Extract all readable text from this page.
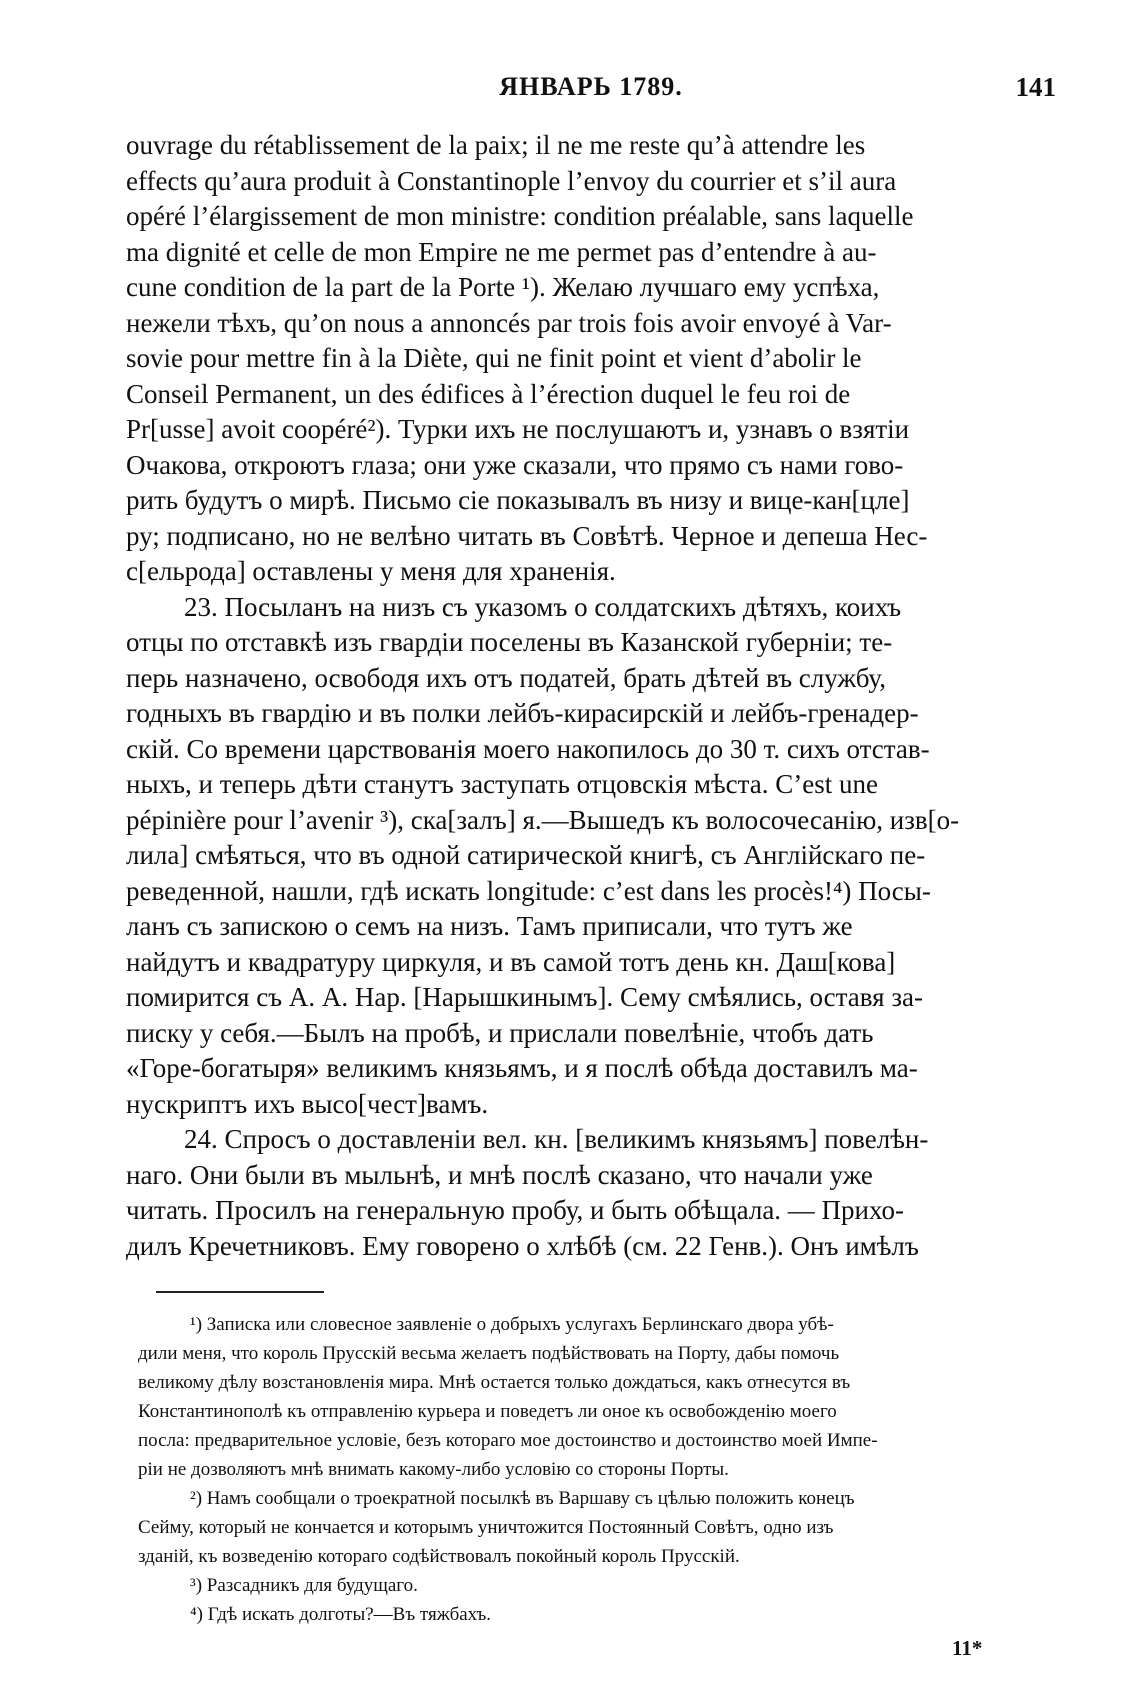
ЯНВАРЬ 1789.	141

ouvrage du rétablissement de la paix; il ne me reste qu’à attendre les
effects qu’aura produit à Constantinople l’envoy du courrier et s’il aura
opéré l’élargissement de mon ministre: condition préalable, sans laquelle
ma dignité et celle de mon Empire ne me permet pas d’entendre à au-
cune condition de la part de la Porte ¹). Желаю лучшаго ему успѣха,
нежели тѣхъ, qu’on nous a annoncés par trois fois avoir envoyé à Var-
sovie pour mettre fin à la Diète, qui ne finit point et vient d’abolir le
Conseil Permanent, un des édifices à l’érection duquel le feu roi de
Pr[usse] avoit coopéré²). Турки ихъ не послушаютъ и, узнавъ о взятіи
Очакова, откроютъ глаза; они уже сказали, что прямо съ нами гово-
рить будутъ о мирѣ. Письмо сіе показывалъ въ низу и вице-кан[цле]
ру; подписано, но не велѣно читать въ Совѣтѣ. Черное и депеша Нес-
с[ельрода] оставлены у меня для храненія.

23. Посыланъ на низъ съ указомъ о солдатскихъ дѣтяхъ, коихъ
отцы по отставкѣ изъ гвардіи поселены въ Казанской губерніи; те-
перь назначено, освободя ихъ отъ податей, брать дѣтей въ службу,
годныхъ въ гвардію и въ полки лейбъ-кирасирскій и лейбъ-гренадер-
скій. Со времени царствованія моего накопилось до 30 т. сихъ отстав-
ныхъ, и теперь дѣти станутъ заступать отцовскія мѣста. C’est une
pépinière pour l’avenir ³), ска[залъ] я.—Вышедъ къ волосочесанію, изв[о-
лила] смѣяться, что въ одной сатирической книгѣ, съ Англійскаго пе-
реведенной, нашли, гдѣ искать longitude: c’est dans les procès!⁴) Посы-
ланъ съ запискою о семъ на низъ. Тамъ приписали, что тутъ же
найдутъ и квадратуру циркуля, и въ самой тотъ день кн. Даш[кова]
помирится съ А. А. Нар. [Нарышкинымъ]. Сему смѣялись, оставя за-
писку у себя.—Былъ на пробѣ, и прислали повелѣніе, чтобъ дать
«Горе-богатыря» великимъ князьямъ, и я послѣ обѣда доставилъ ма-
нускриптъ ихъ высо[чест]вамъ.

24. Спросъ о доставленіи вел. кн. [великимъ князьямъ] повелѣн-
наго. Они были въ мыльнѣ, и мнѣ послѣ сказано, что начали уже
читать. Просилъ на генеральную пробу, и быть обѣщала. — Прихо-
дилъ Кречетниковъ. Ему говорено о хлѣбѣ (см. 22 Генв.). Онъ имѣлъ

¹) Записка или словесное заявленіе о добрыхъ услугахъ Берлинскаго двора убѣ-
дили меня, что король Прусскій весьма желаетъ подѣйствовать на Порту, дабы помочь
великому дѣлу возстановленія мира. Мнѣ остается только дождаться, какъ отнесутся въ
Константинополѣ къ отправленію курьера и поведетъ ли оное къ освобожденію моего
посла: предварительное условіе, безъ котораго мое достоинство и достоинство моей Импе-
ріи не дозволяютъ мнѣ внимать какому-либо условію со стороны Порты.

²) Намъ сообщали о троекратной посылкѣ въ Варшаву съ цѣлью положить конецъ
Сейму, который не кончается и которымъ уничтожится Постоянный Совѣтъ, одно изъ
зданій, къ возведенію котораго содѣйствовалъ покойный король Прусскій.

³) Разсадникъ для будущаго.

⁴) Гдѣ искать долготы?—Въ тяжбахъ.

11*
